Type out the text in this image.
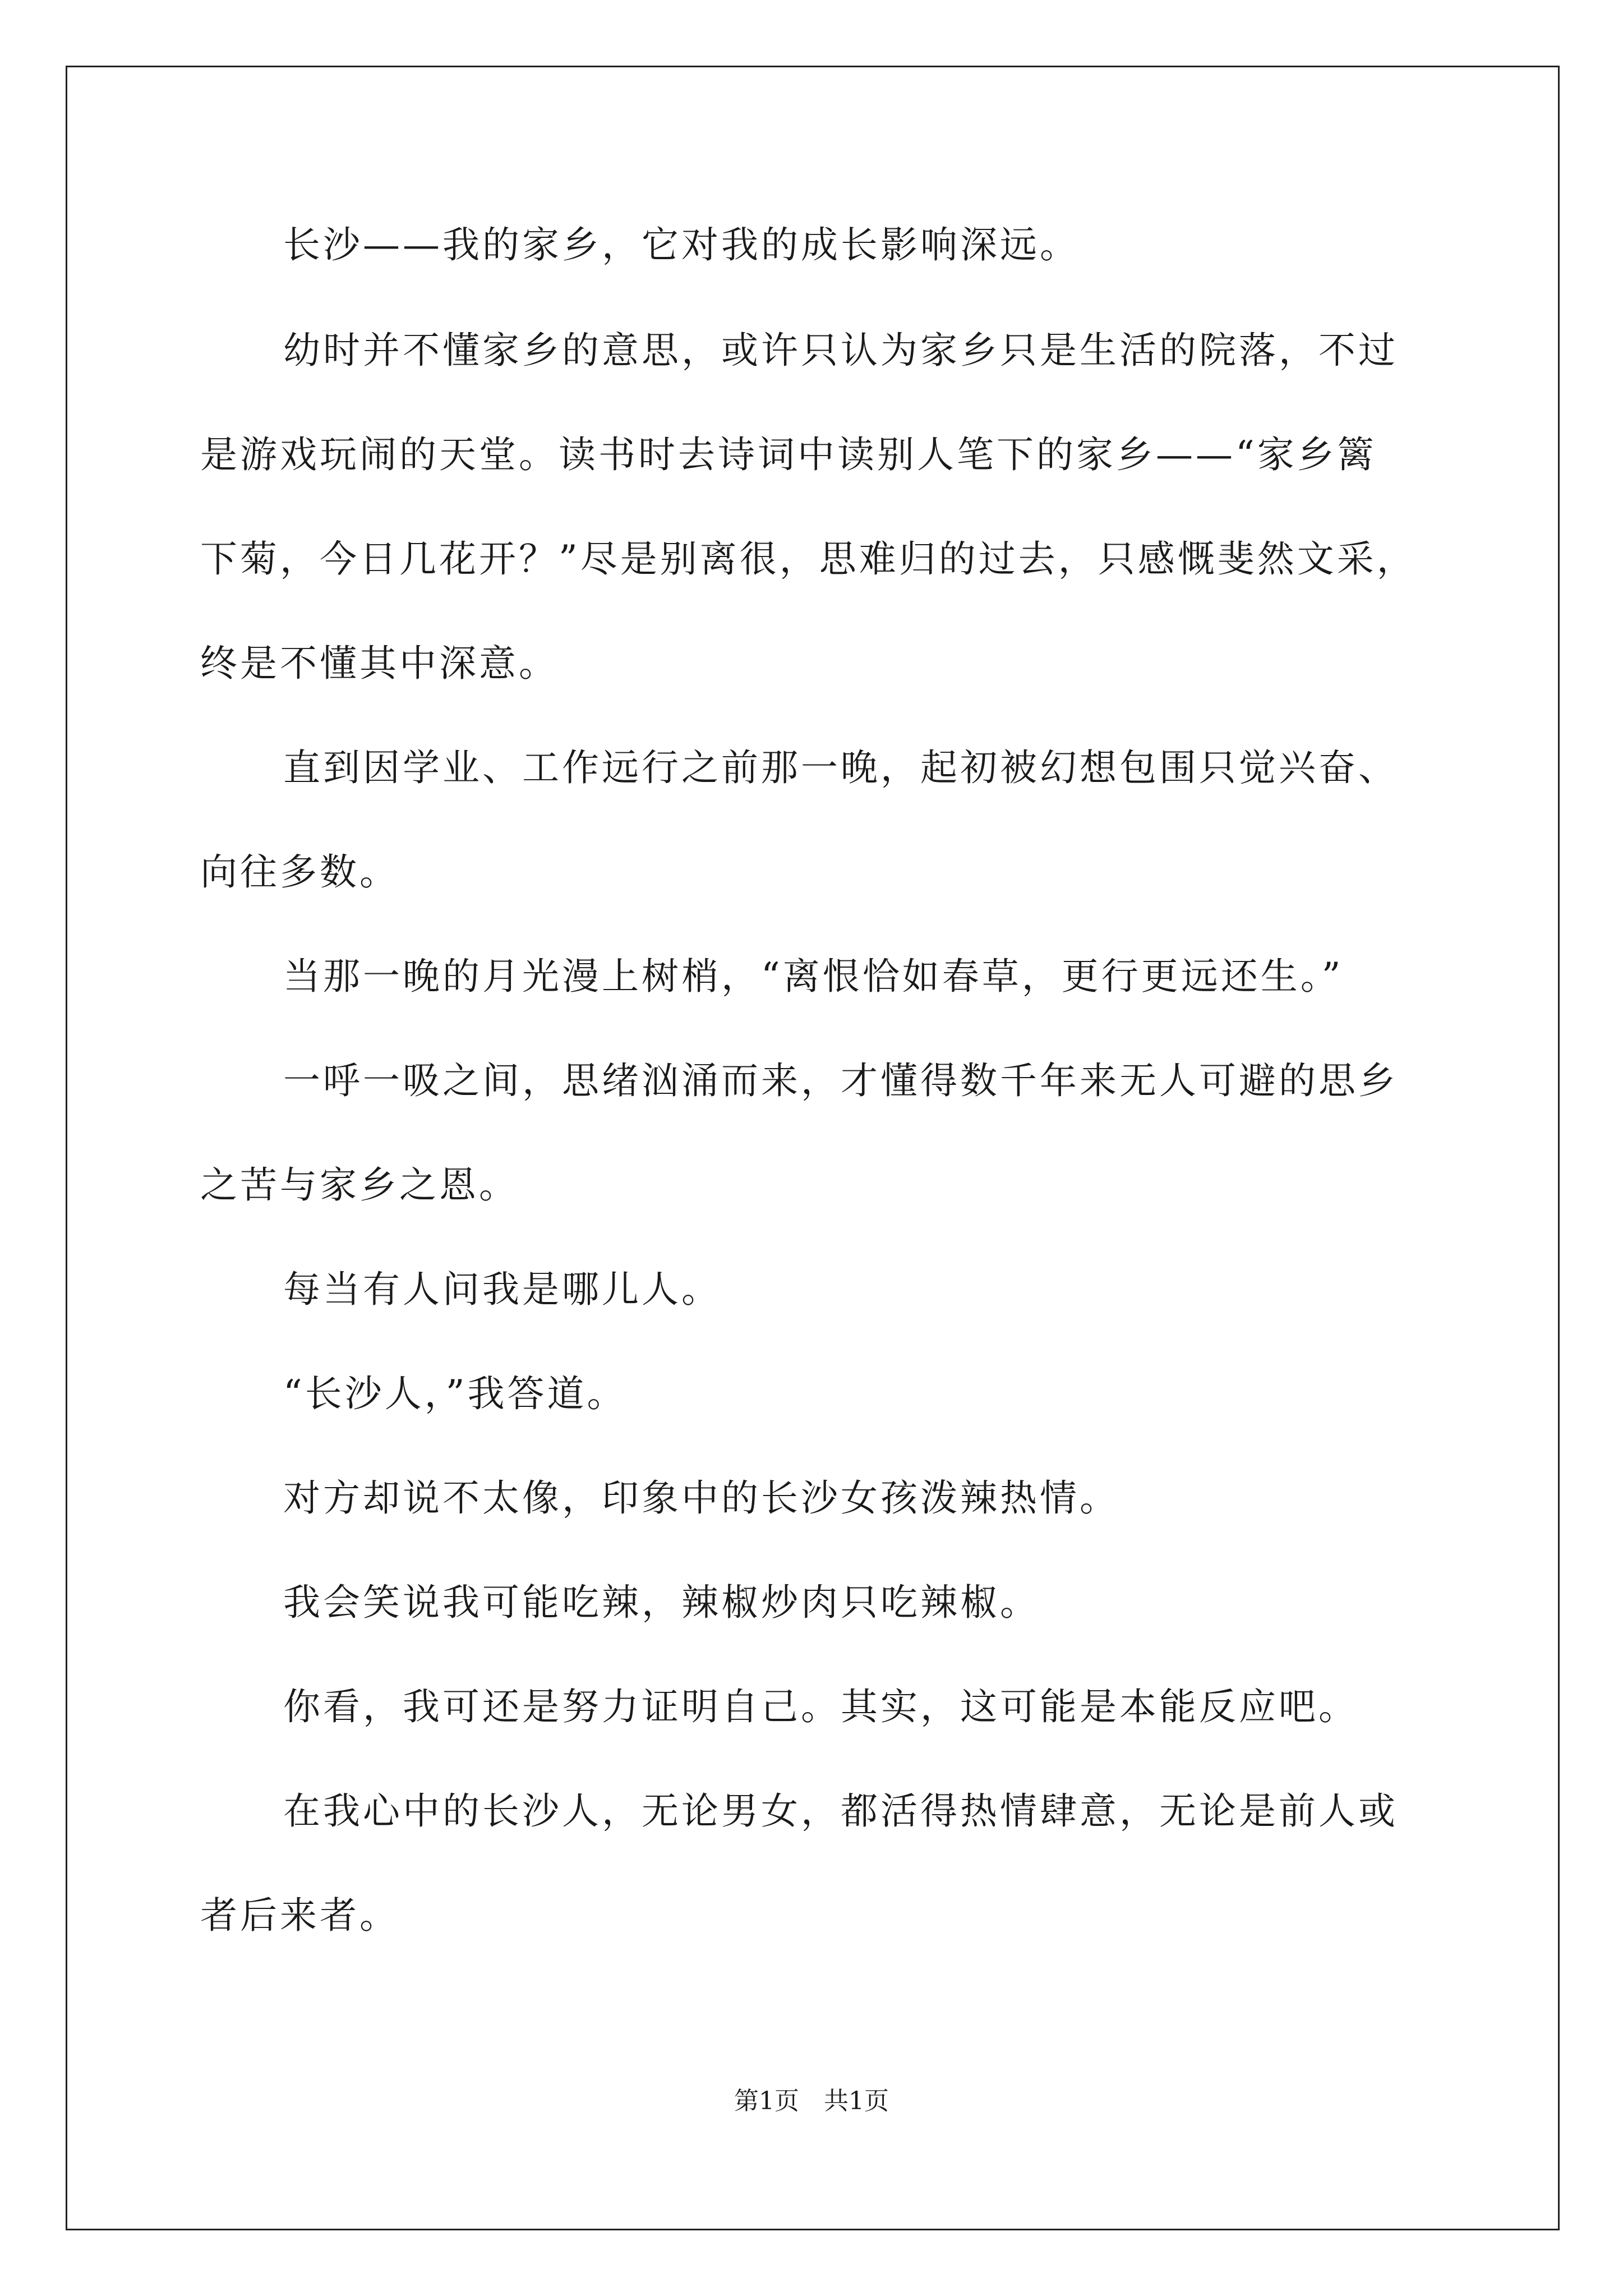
长沙——我的家乡，它对我的成长影响深远。
幼时并不懂家乡的意思，或许只认为家乡只是生活的院落，不过
是游戏玩闹的天堂。读书时去诗词中读别人笔下的家乡——“家乡篱
下菊，今日几花开？”尽是别离很，思难归的过去，只感慨斐然文采，
终是不懂其中深意。
直到因学业、工作远行之前那一晚，起初被幻想包围只觉兴奋、
向往多数。
当那一晚的月光漫上树梢，“离恨恰如春草，更行更远还生。”
一呼一吸之间，思绪汹涌而来，才懂得数千年来无人可避的思乡
之苦与家乡之恩。
每当有人问我是哪儿人。
“长沙人，”我答道。
对方却说不太像，印象中的长沙女孩泼辣热情。
我会笑说我可能吃辣，辣椒炒肉只吃辣椒。
你看，我可还是努力证明自己。其实，这可能是本能反应吧。
在我心中的长沙人，无论男女，都活得热情肆意，无论是前人或
者后来者。
第1页　共1页
